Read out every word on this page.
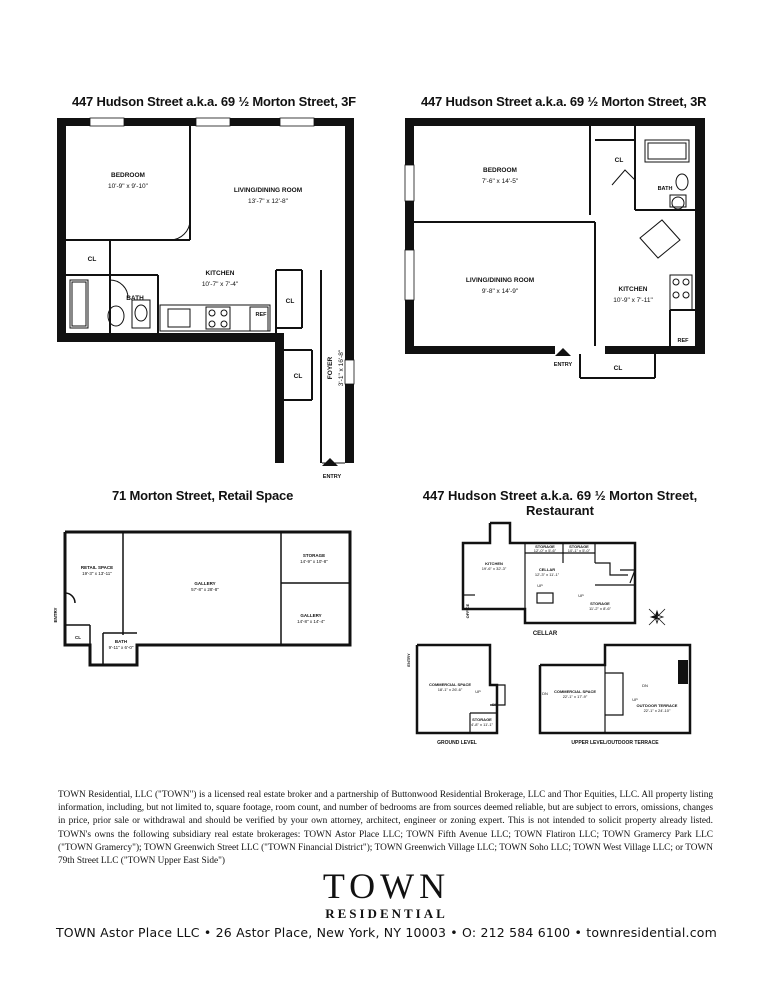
447 Hudson Street a.k.a. 69 ½ Morton Street, 3F
BEDROOM
10'-9" x 9'-10"
LIVING/DINING ROOM
13'-7" x 12'-8"
KITCHEN
10'-7" x 7'-4"
BATH
CL
CL
CL
REF
ENTRY
FOYER 3'-1" x 16'-8"
447 Hudson Street a.k.a. 69 ½ Morton Street, 3R
BEDROOM
7'-6" x 14'-5"
LIVING/DINING ROOM
9'-8" x 14'-9"	KITCHEN
10'-9" x 7'-11"
BATH
CL
CL
REF
ENTRY
71 Morton Street, Retail Space
RETAIL SPACE
19'-3" x 13'-11"
GALLERY
57'-8" x 28'-8"
STORAGE
14'-9" x 10'-8"
GALLERY
14'-8" x 14'-4"
CL
BATH
9'-11" x 6'-0"
ENTRY
447 Hudson Street a.k.a. 69 ½ Morton Street,
Restaurant
KITCHEN
19'-6" x 32'-3"
STORAGE
12'-0" x 5'-6"
STORAGE
10'-1" x 5'-0"
CELLAR
12'-3" x 11'-1"
STORAGE
11'-2" x 8'-6"
UP
UP
OFFICE
CELLAR
COMMERCIAL SPACE
18'-1" x 26'-6"
STORAGE
4'-8" x 11'-1"
UP
DN
ENTRY
GROUND LEVEL
COMMERCIAL SPACE
22'-1" x 17'-9"
OUTDOOR TERRACE
22'-1" x 24'-10"
DN
DN
UP
UPPER LEVEL/OUTDOOR TERRACE
TOWN Residential, LLC ("TOWN") is a licensed real estate broker and a partnership of Buttonwood Residential Brokerage, LLC and Thor Equities, LLC. All property listing information, including, but not limited to, square footage, room count, and number of bedrooms are from sources deemed reliable, but are subject to errors, omissions, changes in price, prior sale or withdrawal and should be verified by your own attorney, architect, engineer or zoning expert. This is not intended to solicit property already listed. TOWN's owns the following subsidiary real estate brokerages: TOWN Astor Place LLC; TOWN Fifth Avenue LLC; TOWN Flatiron LLC; TOWN Gramercy Park LLC ("TOWN Gramercy"); TOWN Greenwich Street LLC ("TOWN Financial District"); TOWN Greenwich Village LLC; TOWN Soho LLC; TOWN West Village LLC; or TOWN 79th Street LLC ("TOWN Upper East Side")
TOWN
RESIDENTIAL
TOWN Astor Place LLC • 26 Astor Place, New York, NY 10003 • O: 212 584 6100 • townresidential.com
